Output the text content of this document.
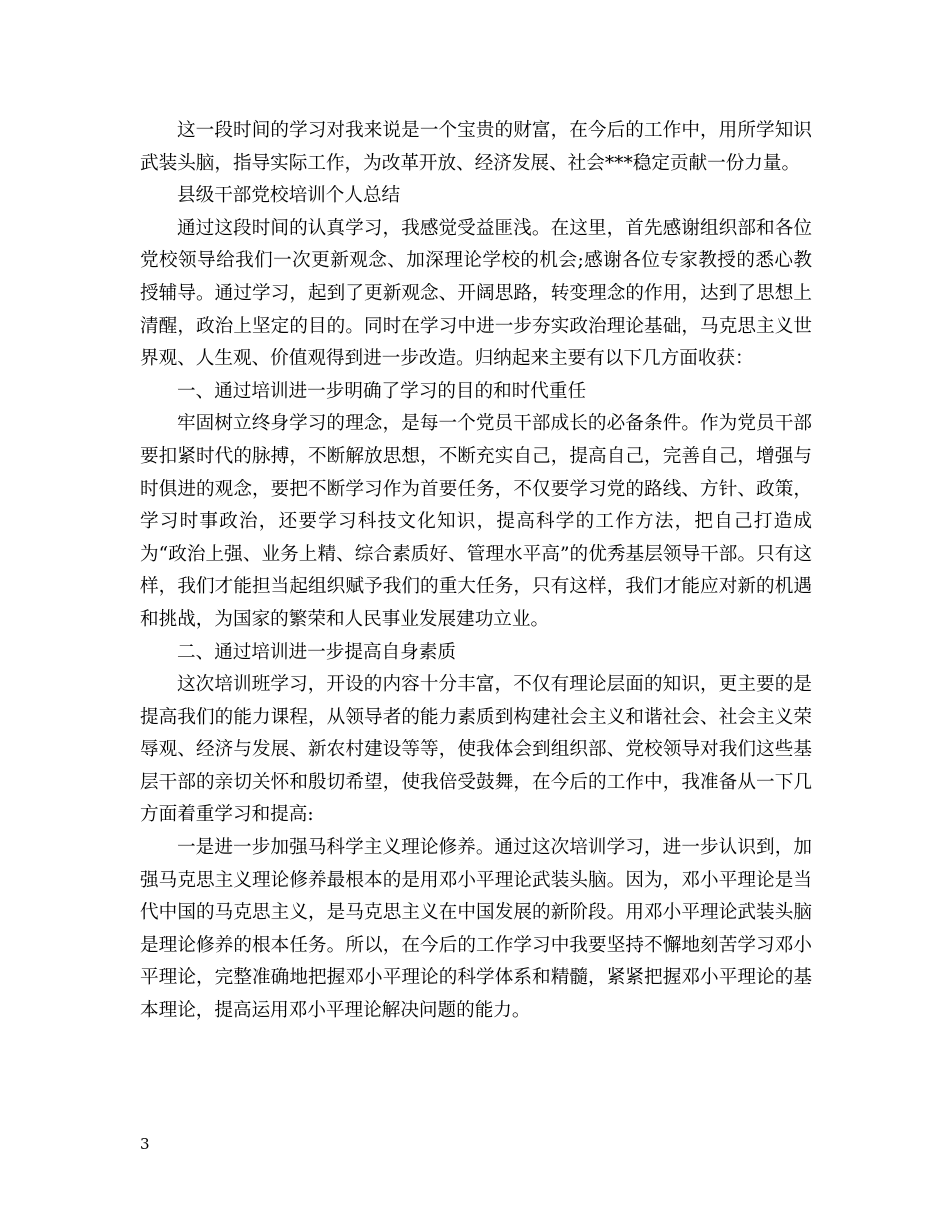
这一段时间的学习对我来说是一个宝贵的财富，在今后的工作中，用所学知识武装头脑，指导实际工作，为改革开放、经济发展、社会***稳定贡献一份力量。

县级干部党校培训个人总结

通过这段时间的认真学习，我感觉受益匪浅。在这里，首先感谢组织部和各位党校领导给我们一次更新观念、加深理论学校的机会;感谢各位专家教授的悉心教授辅导。通过学习，起到了更新观念、开阔思路，转变理念的作用，达到了思想上清醒，政治上坚定的目的。同时在学习中进一步夯实政治理论基础，马克思主义世界观、人生观、价值观得到进一步改造。归纳起来主要有以下几方面收获：

一、通过培训进一步明确了学习的目的和时代重任

牢固树立终身学习的理念，是每一个党员干部成长的必备条件。作为党员干部要扣紧时代的脉搏，不断解放思想，不断充实自己，提高自己，完善自己，增强与时俱进的观念，要把不断学习作为首要任务，不仅要学习党的路线、方针、政策，学习时事政治，还要学习科技文化知识，提高科学的工作方法，把自己打造成为“政治上强、业务上精、综合素质好、管理水平高”的优秀基层领导干部。只有这样，我们才能担当起组织赋予我们的重大任务，只有这样，我们才能应对新的机遇和挑战，为国家的繁荣和人民事业发展建功立业。

二、通过培训进一步提高自身素质

这次培训班学习，开设的内容十分丰富，不仅有理论层面的知识，更主要的是提高我们的能力课程，从领导者的能力素质到构建社会主义和谐社会、社会主义荣辱观、经济与发展、新农村建设等等，使我体会到组织部、党校领导对我们这些基层干部的亲切关怀和殷切希望，使我倍受鼓舞，在今后的工作中，我准备从一下几方面着重学习和提高:

一是进一步加强马科学主义理论修养。通过这次培训学习，进一步认识到，加强马克思主义理论修养最根本的是用邓小平理论武装头脑。因为，邓小平理论是当代中国的马克思主义，是马克思主义在中国发展的新阶段。用邓小平理论武装头脑是理论修养的根本任务。所以，在今后的工作学习中我要坚持不懈地刻苦学习邓小平理论，完整准确地把握邓小平理论的科学体系和精髓，紧紧把握邓小平理论的基本理论，提高运用邓小平理论解决问题的能力。

3
